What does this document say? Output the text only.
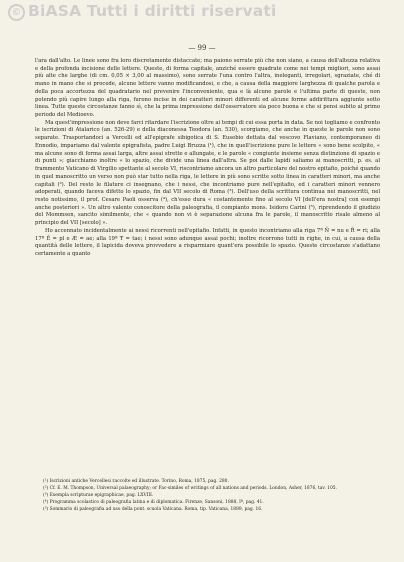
© BiASA Tutti i diritti riservati
— 99 —

l'ara dall'alto. Le linee sono fra loro discretamente distaccate; ma paiono serrate più che non siano, a causa dell'altezza relativa e della profonda incisione delle lettere. Queste, di forma capitale, anziché essere quadrate come nei tempi migliori, sono assai più alte che larghe (di cm. 0,05 × 3,00 al massimo), sono serrate l'una contro l'altra, ineleganti, irregolari, sgraziate, ché di mano in mano che si procede, alcune lettere vanno modificandosi, e che, a causa della maggiore larghezza di qualche parola e della poca accortezza del quadratario nel prevenire l'inconveniente, qua e là alcune parole e l'ultima parte di queste, non potendo più capire lungo alla riga, furono incise in dei caratteri minori differenti ed alcune forme addirittura aggiunte sotto linea. Tutte queste circostanze fanno sì, che la prima impressione dell'osservatore sia poco buona e che si pensi subito al primo periodo del Medioevo.

Ma quest'impressione non deve farci ritardare l'iscrizione oltre ai tempi di cui essa porta in data. Se noi togliamo e confronto le iscrizioni di Atalarico (an. 526-29) e della diaconessa Teodora (an. 530), scorgiamo, che anche in queste le parole non sono separate. Trasportandoci a Vercelli ed all'epigrafe sibigotica di S. Eusebio dettata dal vescovo Flaviano, contemporaneo di Ennodio, impariamo dal valente epigrafista, padre Luigi Bruzza (¹), che in quell'iscrizione pure le lettere « sono bene scolpite, « ma alcune sono di forma assai larga, altre assai strette e allungate, e le parole « congiunte insieme senza distinzione di spazio e di punti »; giacchiamo inoltre « lo spazio, che divide una linea dall'altra. Se poi dalle lapidi saliamo ai manoscritti, p. es. al frammento Vaticano di Virgilio spettante al secolo VI, riscontriamo ancora un altro particolare del nostro epitafio, poiché quando in quel manoscritto un verso non può star tutto nella riga, le lettere in più sono scritte sotto linea in caratteri minori, ma anche capitali (²). Del resto le filature ci insegnano, che i nessi, che incontriamo pure nell'epitafio, ed i caratteri minori vennero adoperati, quando faceva difetto lo spazio, fin dal VII secolo di Roma (³). Dell'uso della scrittura continua nei manoscritti, nel resto notissimo, il prof. Cesare Paoli osserva (⁴), ch'esso dura « costantemente fino al secolo VI [dell'era nostra] con esempi anche posteriori ». Un altro valente conoscitore della paleografia, il compianto mons. Isidoro Carini (⁵), riprendendo il giudizio del Mommsen, sancito similmente, che « quando non vi è separazione alcuna fra le parole, il manoscritto risale almeno al principio del VII [secolo] ».

Ho accennato incidentalmente ai nessi ricorrenti nell'epitafio. Infatti, in questo incontriamo alla riga 7ª Ñ = nu e Ř = ri; alla 17ª Ě = pl e Æ = ae; alla 19ª Ŧ = tae; i nessi sono adunque assai pochi; inoltre ricorrono tutti in righe, in cui, a causa della quantità delle lettere, il lapicida doveva provvedere a risparmiare quant'era possibile lo spazio. Queste circostanze s'adattano certamente a quanto

(¹) Iscrizioni antiche Vercellesi raccolte ed illustrate. Torino, Roma, 1875, pag. 280.

(²) Cf. E. M. Thompson, Universal palaeography; or Fac-similes of writings of all nations and periods. London, Asher, 1876, tav. 105.

(³) Exempla scripturae epigraphicae, pag. LXVIII.

(⁴) Programma scolastico di paleografia latina e di diplomatica. Firenze, Sansoni, 1888, Iº, pag. 41.

(⁵) Sommario di paleografia ad uso della pont. scuola Vaticana. Roma, tip. Vaticana, 1889, pag. 16.
